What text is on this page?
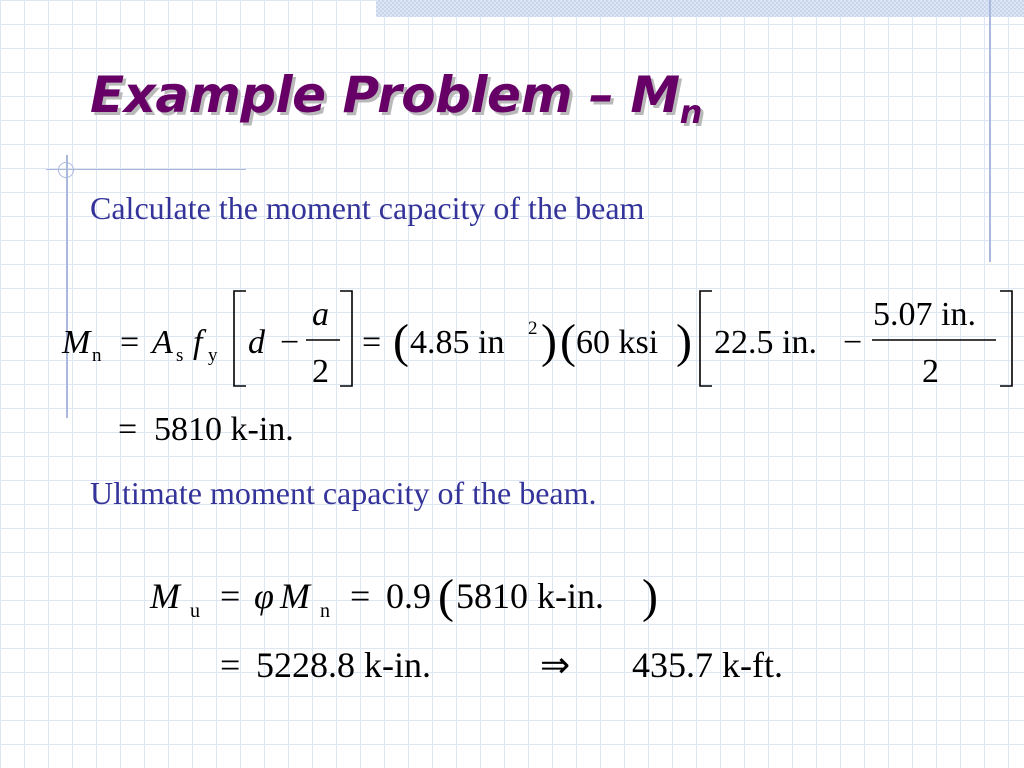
Example Problem – $M_n$

Calculate the moment capacity of the beam

Ultimate moment capacity of the beam.

M n = A s f y d −
a
2
= ( 4.85 in 2 ) ( 60 ksi ) 22.5 in. −
5.07 in.
2
= 5810 k-in.
M u = φ M n = 0.9 ( 5810 k-in. )
= 5228.8 k-in.	⇒ 435.7 k-ft.
